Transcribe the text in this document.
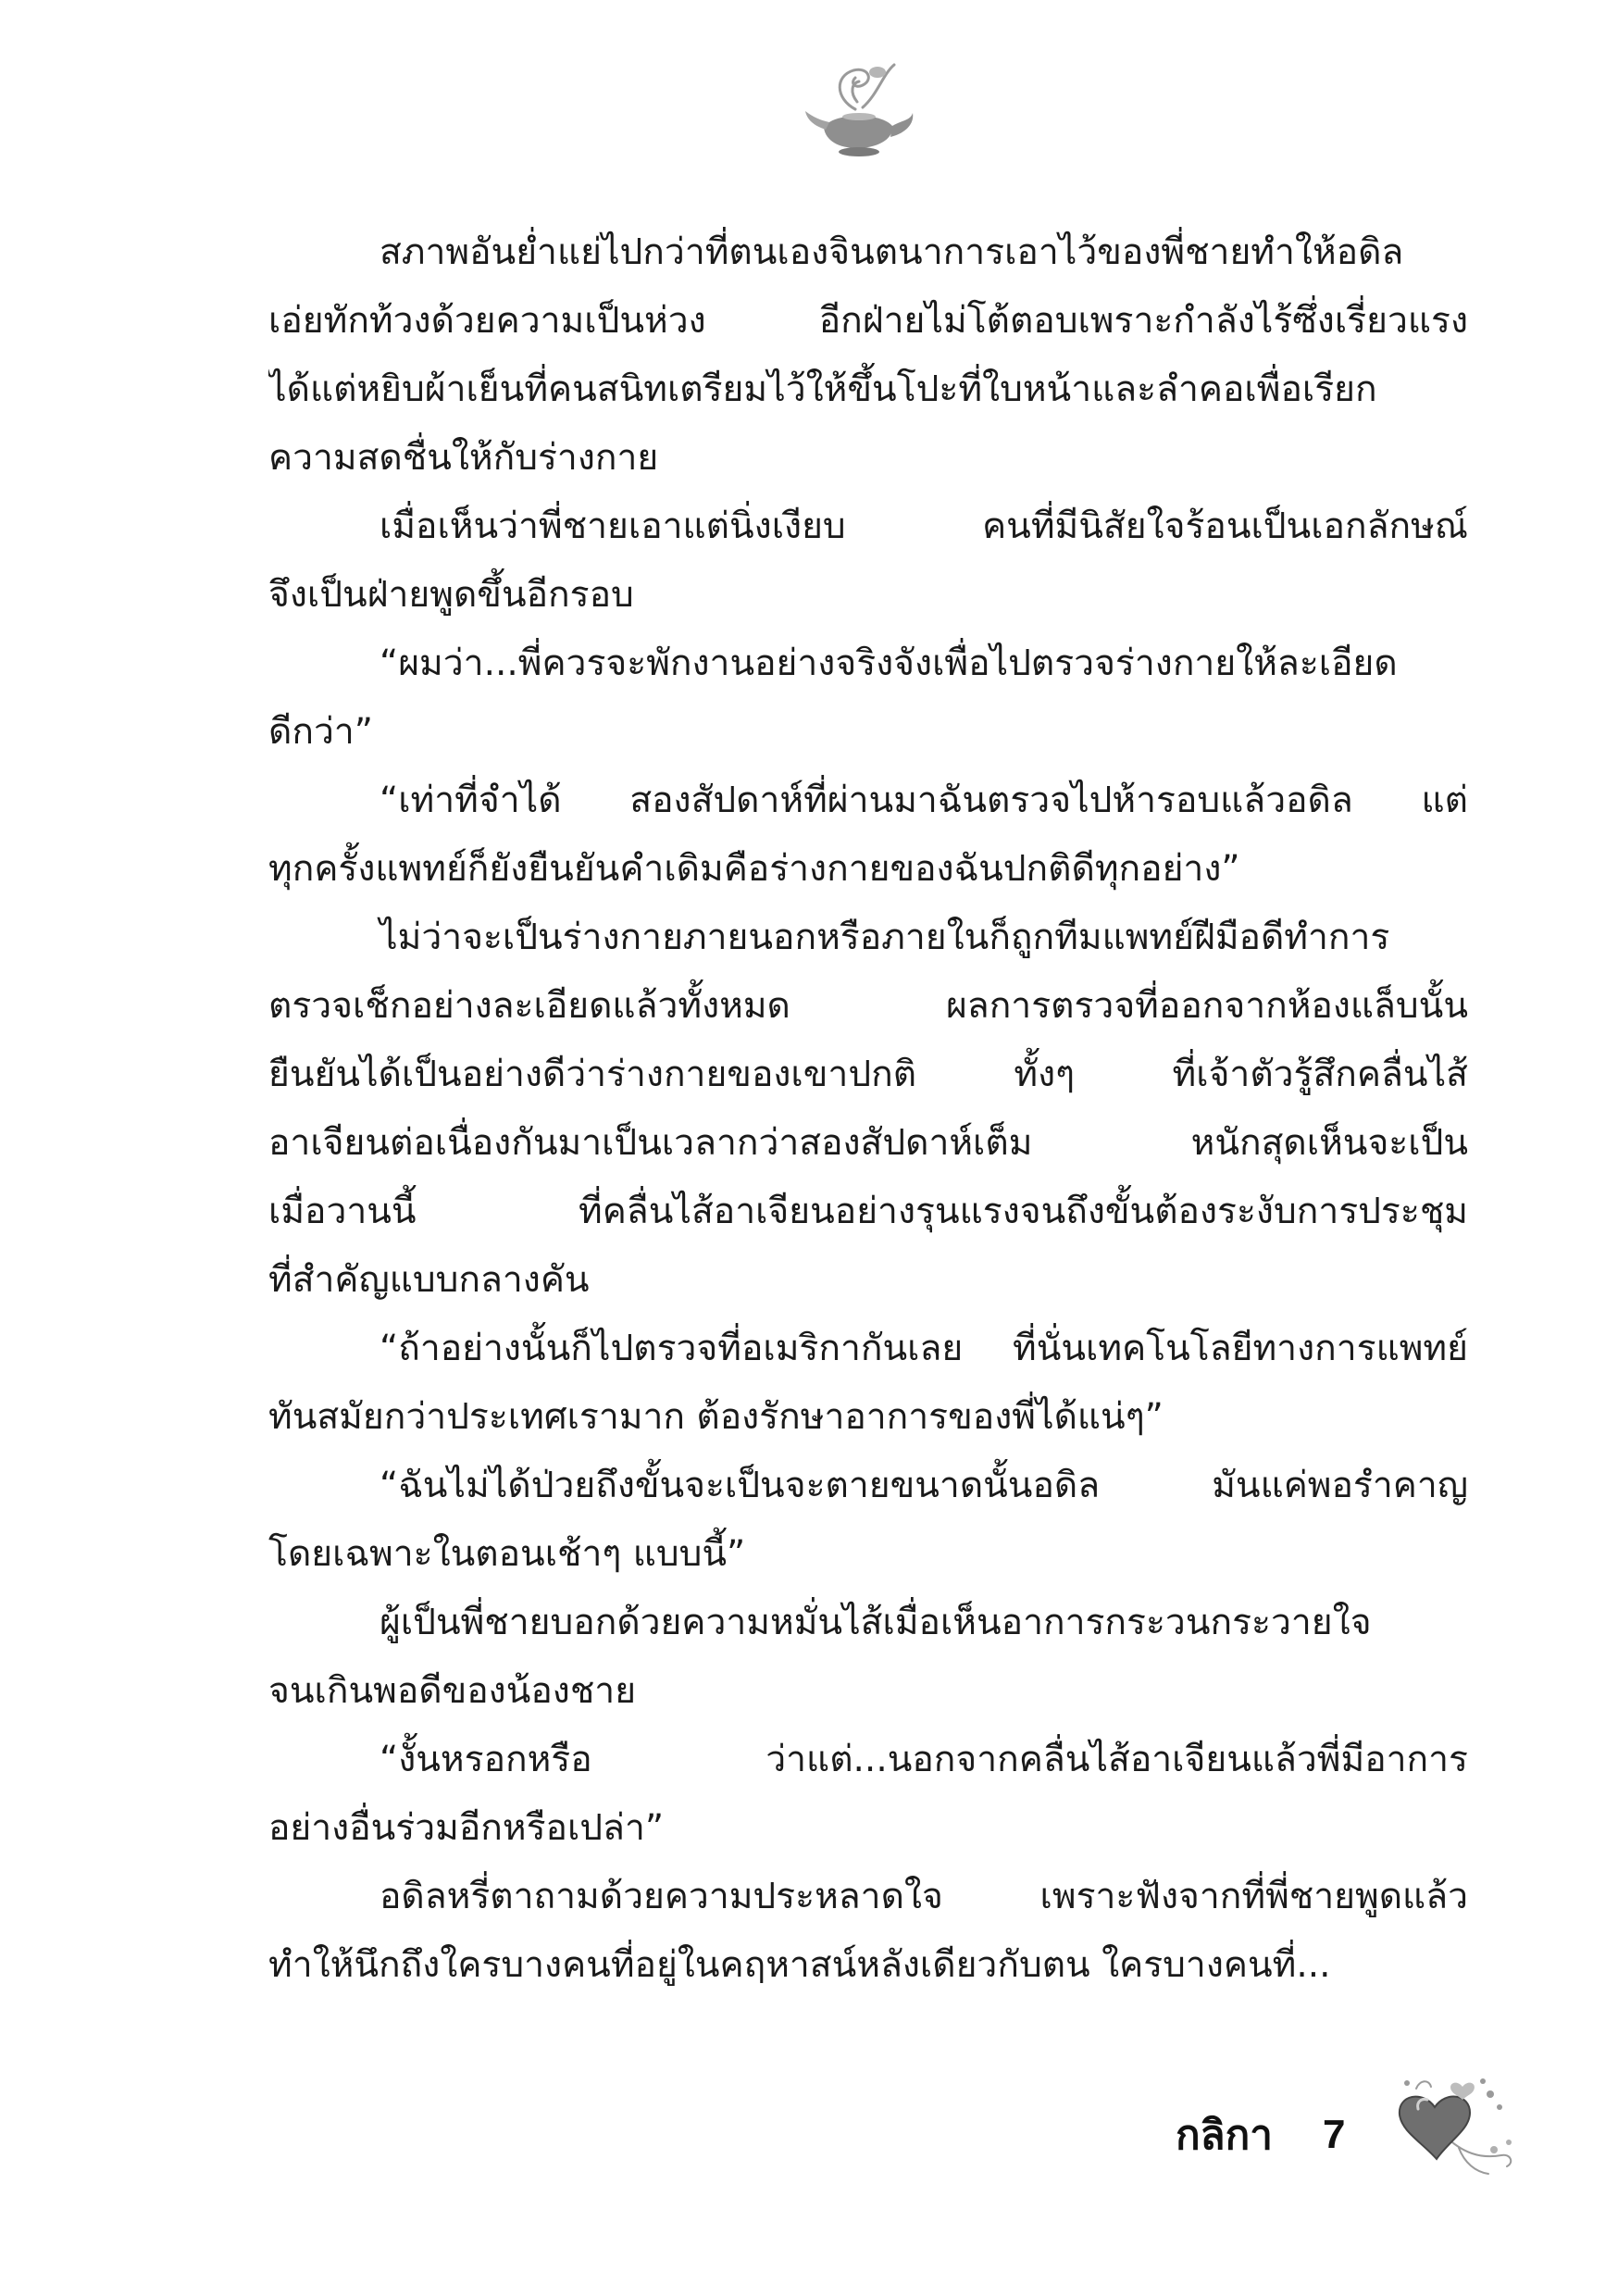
สภาพอันย่ำแย่ไปกว่าที่ตนเองจินตนาการเอาไว้ของพี่ชายทำให้อดิล
เอ่ยทักท้วงด้วยความเป็นห่วง อีกฝ่ายไม่โต้ตอบเพราะกำลังไร้ซึ่งเรี่ยวแรง
ได้แต่หยิบผ้าเย็นที่คนสนิทเตรียมไว้ให้ขึ้นโปะที่ใบหน้าและลำคอเพื่อเรียก
ความสดชื่นให้กับร่างกาย
เมื่อเห็นว่าพี่ชายเอาแต่นิ่งเงียบ คนที่มีนิสัยใจร้อนเป็นเอกลักษณ์
จึงเป็นฝ่ายพูดขึ้นอีกรอบ
“ผมว่า...พี่ควรจะพักงานอย่างจริงจังเพื่อไปตรวจร่างกายให้ละเอียด
ดีกว่า”
“เท่าที่จำได้ สองสัปดาห์ที่ผ่านมาฉันตรวจไปห้ารอบแล้วอดิล แต่
ทุกครั้งแพทย์ก็ยังยืนยันคำเดิมคือร่างกายของฉันปกติดีทุกอย่าง”
ไม่ว่าจะเป็นร่างกายภายนอกหรือภายในก็ถูกทีมแพทย์ฝีมือดีทำการ
ตรวจเช็กอย่างละเอียดแล้วทั้งหมด ผลการตรวจที่ออกจากห้องแล็บนั้น
ยืนยันได้เป็นอย่างดีว่าร่างกายของเขาปกติ ทั้งๆ ที่เจ้าตัวรู้สึกคลื่นไส้
อาเจียนต่อเนื่องกันมาเป็นเวลากว่าสองสัปดาห์เต็ม หนักสุดเห็นจะเป็น
เมื่อวานนี้ ที่คลื่นไส้อาเจียนอย่างรุนแรงจนถึงขั้นต้องระงับการประชุม
ที่สำคัญแบบกลางคัน
“ถ้าอย่างนั้นก็ไปตรวจที่อเมริกากันเลย ที่นั่นเทคโนโลยีทางการแพทย์
ทันสมัยกว่าประเทศเรามาก ต้องรักษาอาการของพี่ได้แน่ๆ”
“ฉันไม่ได้ป่วยถึงขั้นจะเป็นจะตายขนาดนั้นอดิล มันแค่พอรำคาญ
โดยเฉพาะในตอนเช้าๆ แบบนี้”
ผู้เป็นพี่ชายบอกด้วยความหมั่นไส้เมื่อเห็นอาการกระวนกระวายใจ
จนเกินพอดีของน้องชาย
“งั้นหรอกหรือ ว่าแต่...นอกจากคลื่นไส้อาเจียนแล้วพี่มีอาการ
อย่างอื่นร่วมอีกหรือเปล่า”
อดิลหรี่ตาถามด้วยความประหลาดใจ เพราะฟังจากที่พี่ชายพูดแล้ว
ทำให้นึกถึงใครบางคนที่อยู่ในคฤหาสน์หลังเดียวกับตน ใครบางคนที่...
กลิกา 7
